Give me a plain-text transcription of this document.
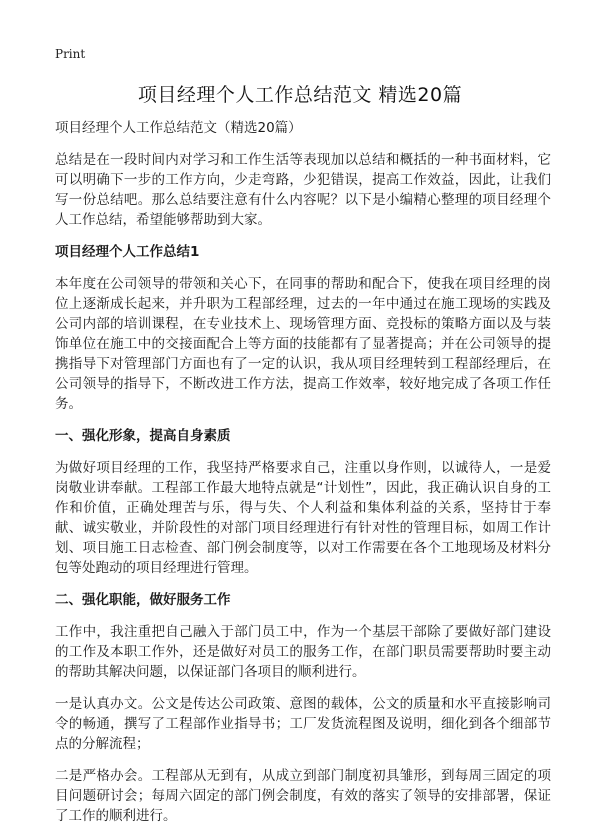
Print
项目经理个人工作总结范文 精选20篇

项目经理个人工作总结范文（精选20篇）

总结是在一段时间内对学习和工作生活等表现加以总结和概括的一种书面材料，它可以明确下一步的工作方向，少走弯路，少犯错误，提高工作效益，因此，让我们写一份总结吧。那么总结要注意有什么内容呢？以下是小编精心整理的项目经理个人工作总结，希望能够帮助到大家。

项目经理个人工作总结1

本年度在公司领导的带领和关心下，在同事的帮助和配合下，使我在项目经理的岗位上逐渐成长起来，并升职为工程部经理，过去的一年中通过在施工现场的实践及公司内部的培训课程，在专业技术上、现场管理方面、竞投标的策略方面以及与装饰单位在施工中的交接面配合上等方面的技能都有了显著提高；并在公司领导的提携指导下对管理部门方面也有了一定的认识，我从项目经理转到工程部经理后，在公司领导的指导下，不断改进工作方法，提高工作效率，较好地完成了各项工作任务。

一、强化形象，提高自身素质

为做好项目经理的工作，我坚持严格要求自己，注重以身作则，以诚待人，一是爱岗敬业讲奉献。工程部工作最大地特点就是“计划性”，因此，我正确认识自身的工作和价值，正确处理苦与乐，得与失、个人利益和集体利益的关系，坚持甘于奉献、诚实敬业，并阶段性的对部门项目经理进行有针对性的管理目标，如周工作计划、项目施工日志检查、部门例会制度等，以对工作需要在各个工地现场及材料分包等处跑动的项目经理进行管理。

二、强化职能，做好服务工作

工作中，我注重把自己融入于部门员工中，作为一个基层干部除了要做好部门建设的工作及本职工作外，还是做好对员工的服务工作，在部门职员需要帮助时要主动的帮助其解决问题，以保证部门各项目的顺利进行。

一是认真办文。公文是传达公司政策、意图的载体，公文的质量和水平直接影响司令的畅通，撰写了工程部作业指导书；工厂发货流程图及说明，细化到各个细部节点的分解流程；

二是严格办会。工程部从无到有，从成立到部门制度初具雏形，到每周三固定的项目问题研讨会；每周六固定的部门例会制度，有效的落实了领导的安排部署，保证了工作的顺利进行。
